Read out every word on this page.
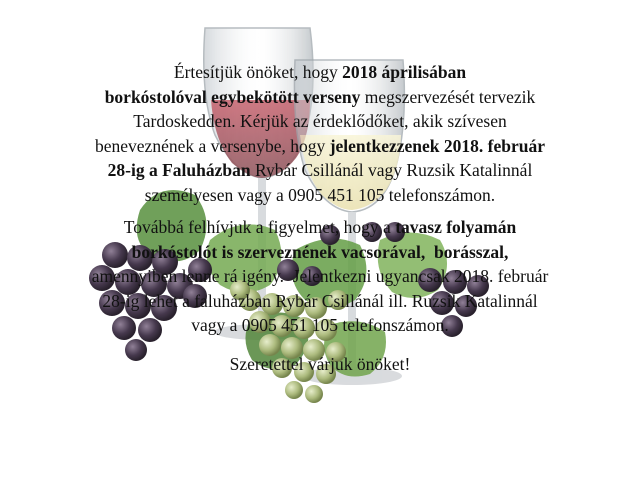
Értesítjük önöket, hogy 2018 áprilisában
borkóstolóval egybekötött verseny megszervezését tervezik
Tardoskedden. Kérjük az érdeklődőket, akik szívesen
beneveznének a versenybe, hogy jelentkezzenek 2018. február
28-ig a Faluházban Rybár Csillánál vagy Ruzsik Katalinnál
személyesen vagy a 0905 451 105 telefonszámon.

Továbbá felhívjuk a figyelmet, hogy a tavasz folyamán
borkóstolót is szerveznének vacsorával,  borásszal,
amennyiben lenne rá igény.  Jelentkezni ugyancsak 2018. február
28-ig lehet a faluházban Rybár Csillánál ill. Ruzsik Katalinnál
vagy a 0905 451 105 telefonszámon.

Szeretettel várjuk önöket!
